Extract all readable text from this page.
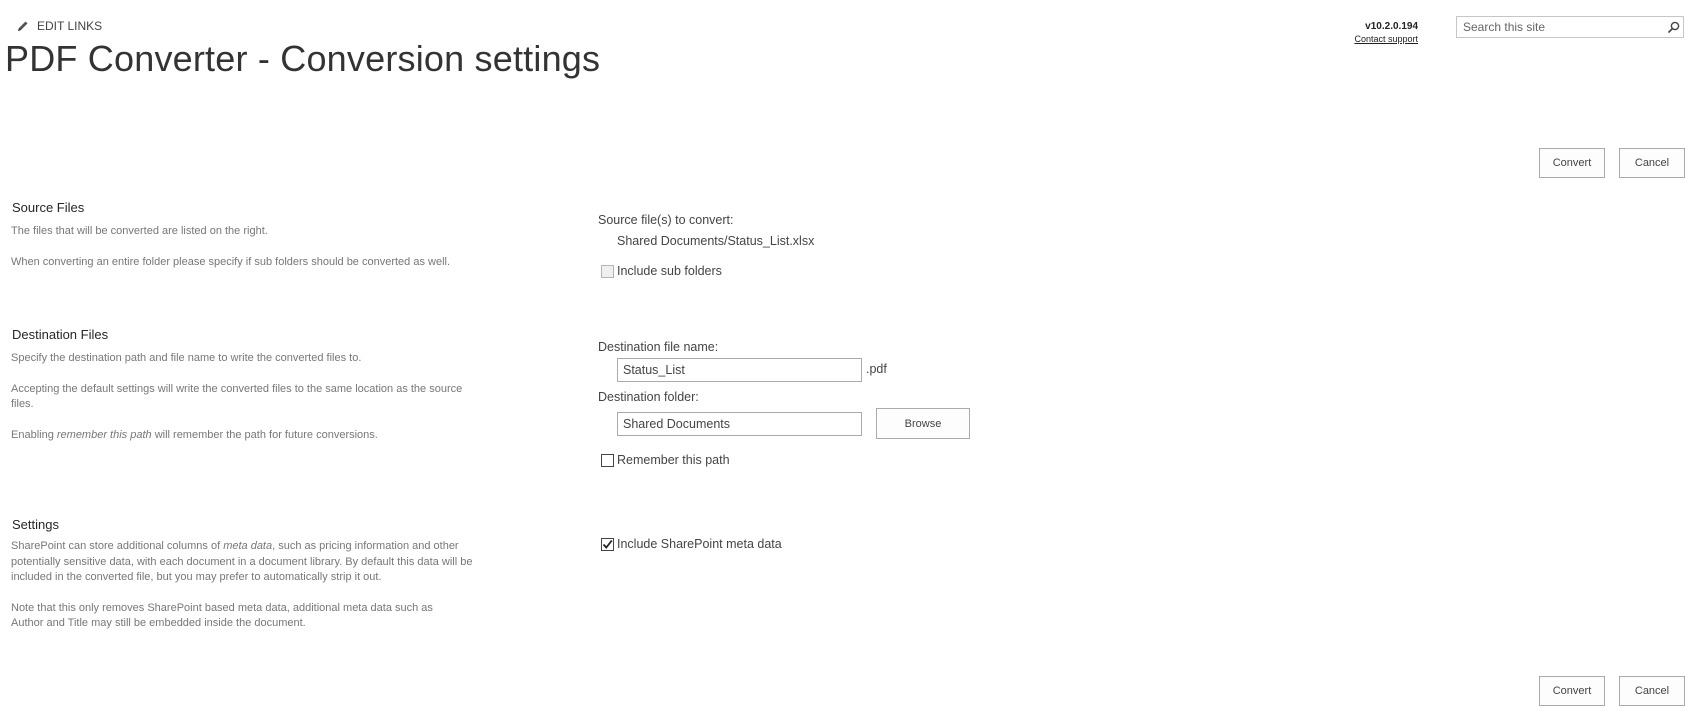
EDIT LINKS
PDF Converter - Conversion settings
v10.2.0.194
Contact support
Search this site
Convert	Cancel
Source Files

The files that will be converted are listed on the right.

When converting an entire folder please specify if sub folders should be converted as well.

Source file(s) to convert:
Shared Documents/Status_List.xlsx
Include sub folders
Destination Files

Specify the destination path and file name to write the converted files to.

Accepting the default settings will write the converted files to the same location as the source files.

Enabling remember this path will remember the path for future conversions.

Destination file name:
Status_List
.pdf
Destination folder:
Shared Documents
Browse
Remember this path
Settings

SharePoint can store additional columns of meta data, such as pricing information and other potentially sensitive data, with each document in a document library. By default this data will be included in the converted file, but you may prefer to automatically strip it out.

Note that this only removes SharePoint based meta data, additional meta data such as Author and Title may still be embedded inside the document.

Include SharePoint meta data
Convert	Cancel
